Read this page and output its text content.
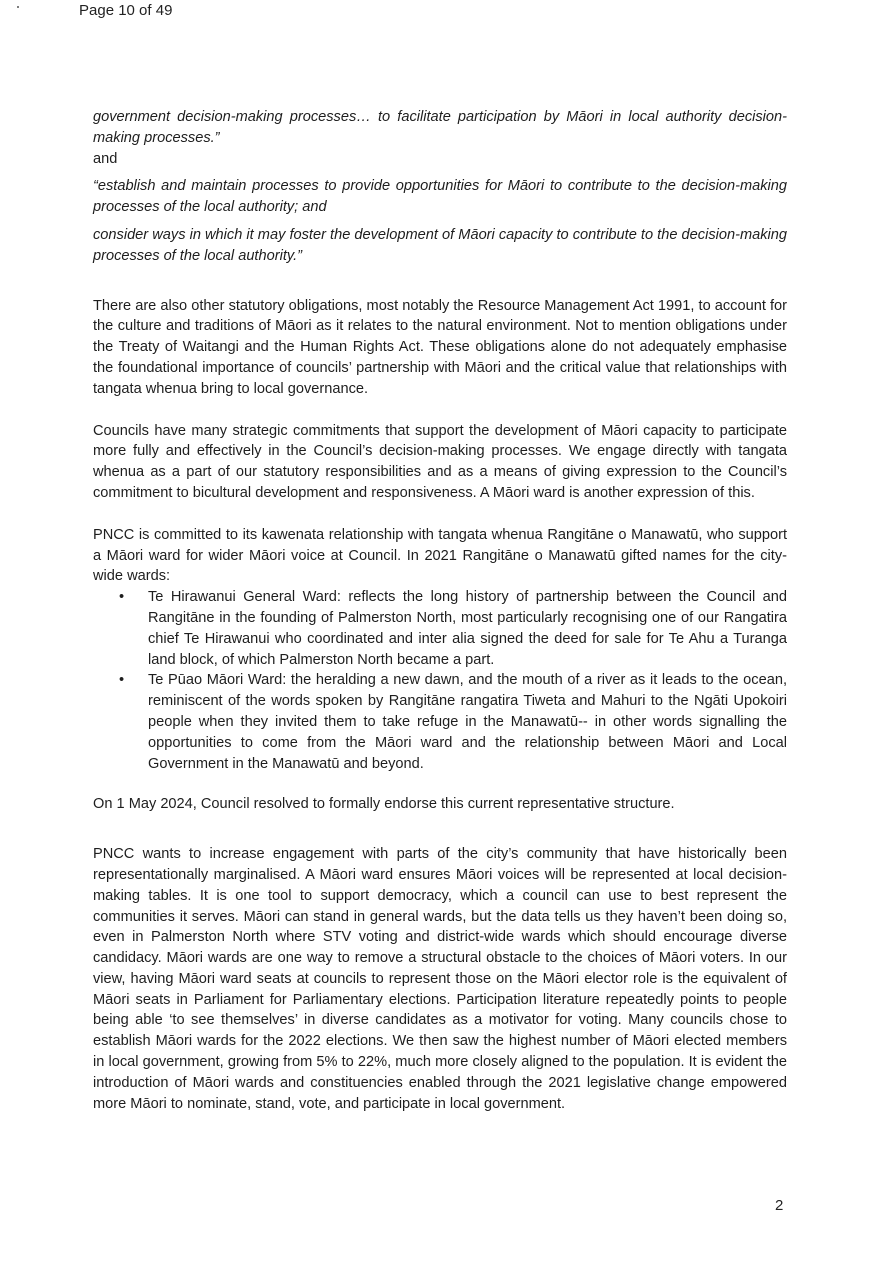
Page 10 of 49

government decision-making processes… to facilitate participation by Māori in local authority decision-making processes.”

and

“establish and maintain processes to provide opportunities for Māori to contribute to the decision-making processes of the local authority; and

consider ways in which it may foster the development of Māori capacity to contribute to the decision-making processes of the local authority.”

There are also other statutory obligations, most notably the Resource Management Act 1991, to account for the culture and traditions of Māori as it relates to the natural environment. Not to mention obligations under the Treaty of Waitangi and the Human Rights Act. These obligations alone do not adequately emphasise the foundational importance of councils’ partnership with Māori and the critical value that relationships with tangata whenua bring to local governance.

Councils have many strategic commitments that support the development of Māori capacity to participate more fully and effectively in the Council’s decision-making processes. We engage directly with tangata whenua as a part of our statutory responsibilities and as a means of giving expression to the Council’s commitment to bicultural development and responsiveness. A Māori ward is another expression of this.

PNCC is committed to its kawenata relationship with tangata whenua Rangitāne o Manawatū, who support a Māori ward for wider Māori voice at Council. In 2021 Rangitāne o Manawatū gifted names for the city-wide wards:

• Te Hirawanui General Ward: reflects the long history of partnership between the Council and Rangitāne in the founding of Palmerston North, most particularly recognising one of our Rangatira chief Te Hirawanui who coordinated and inter alia signed the deed for sale for Te Ahu a Turanga land block, of which Palmerston North became a part.
• Te Pūao Māori Ward: the heralding a new dawn, and the mouth of a river as it leads to the ocean, reminiscent of the words spoken by Rangitāne rangatira Tiweta and Mahuri to the Ngāti Upokoiri people when they invited them to take refuge in the Manawatū-- in other words signalling the opportunities to come from the Māori ward and the relationship between Māori and Local Government in the Manawatū and beyond.

On 1 May 2024, Council resolved to formally endorse this current representative structure.

PNCC wants to increase engagement with parts of the city’s community that have historically been representationally marginalised. A Māori ward ensures Māori voices will be represented at local decision-making tables. It is one tool to support democracy, which a council can use to best represent the communities it serves. Māori can stand in general wards, but the data tells us they haven’t been doing so, even in Palmerston North where STV voting and district-wide wards which should encourage diverse candidacy. Māori wards are one way to remove a structural obstacle to the choices of Māori voters. In our view, having Māori ward seats at councils to represent those on the Māori elector role is the equivalent of Māori seats in Parliament for Parliamentary elections. Participation literature repeatedly points to people being able ‘to see themselves’ in diverse candidates as a motivator for voting. Many councils chose to establish Māori wards for the 2022 elections. We then saw the highest number of Māori elected members in local government, growing from 5% to 22%, much more closely aligned to the population. It is evident the introduction of Māori wards and constituencies enabled through the 2021 legislative change empowered more Māori to nominate, stand, vote, and participate in local government.

2
